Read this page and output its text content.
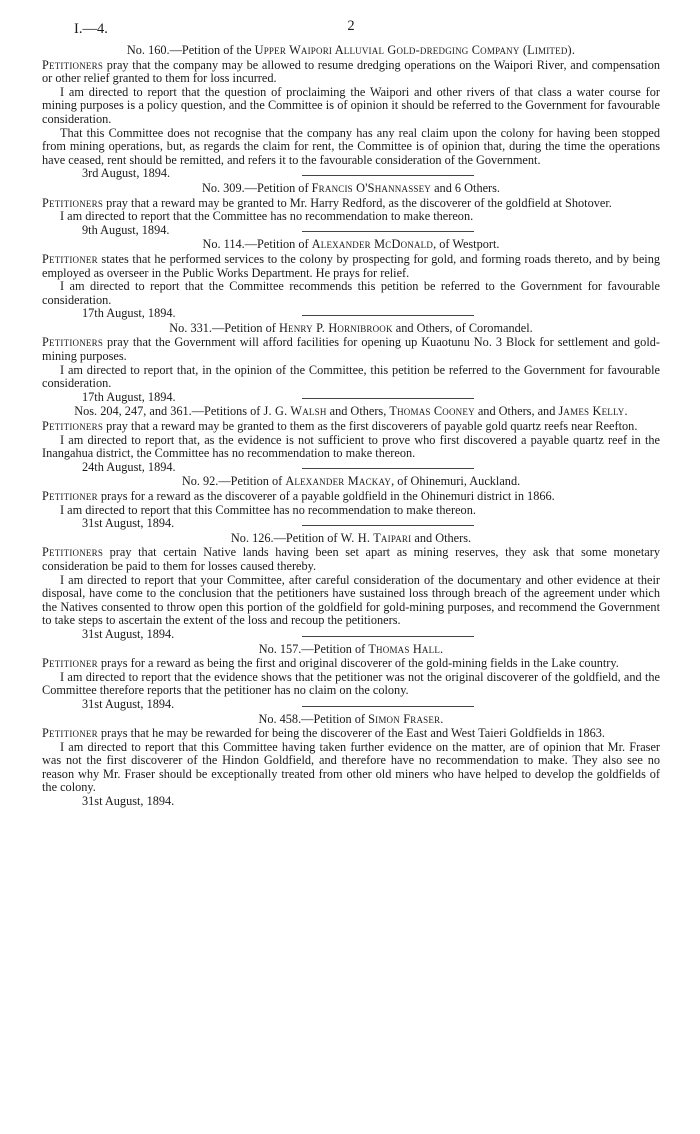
I.—4.	2

No. 160.—Petition of the Upper Waipori Alluvial Gold-dredging Company (Limited).

Petitioners pray that the company may be allowed to resume dredging operations on the Waipori River, and compensation or other relief granted to them for loss incurred.

I am directed to report that the question of proclaiming the Waipori and other rivers of that class a water course for mining purposes is a policy question, and the Committee is of opinion it should be referred to the Government for favourable consideration.

That this Committee does not recognise that the company has any real claim upon the colony for having been stopped from mining operations, but, as regards the claim for rent, the Committee is of opinion that, during the time the operations have ceased, rent should be remitted, and refers it to the favourable consideration of the Government.

3rd August, 1894.

No. 309.—Petition of Francis O'Shannassey and 6 Others.

Petitioners pray that a reward may be granted to Mr. Harry Redford, as the discoverer of the goldfield at Shotover.

I am directed to report that the Committee has no recommendation to make thereon.

9th August, 1894.

No. 114.—Petition of Alexander McDonald, of Westport.

Petitioner states that he performed services to the colony by prospecting for gold, and forming roads thereto, and by being employed as overseer in the Public Works Department. He prays for relief.

I am directed to report that the Committee recommends this petition be referred to the Government for favourable consideration.

17th August, 1894.

No. 331.—Petition of Henry P. Hornibrook and Others, of Coromandel.

Petitioners pray that the Government will afford facilities for opening up Kuaotunu No. 3 Block for settlement and gold-mining purposes.

I am directed to report that, in the opinion of the Committee, this petition be referred to the Government for favourable consideration.

17th August, 1894.

Nos. 204, 247, and 361.—Petitions of J. G. Walsh and Others, Thomas Cooney and Others, and James Kelly.

Petitioners pray that a reward may be granted to them as the first discoverers of payable gold quartz reefs near Reefton.

I am directed to report that, as the evidence is not sufficient to prove who first discovered a payable quartz reef in the Inangahua district, the Committee has no recommendation to make thereon.

24th August, 1894.

No. 92.—Petition of Alexander Mackay, of Ohinemuri, Auckland.

Petitioner prays for a reward as the discoverer of a payable goldfield in the Ohinemuri district in 1866.

I am directed to report that this Committee has no recommendation to make thereon.

31st August, 1894.

No. 126.—Petition of W. H. Taipari and Others.

Petitioners pray that certain Native lands having been set apart as mining reserves, they ask that some monetary consideration be paid to them for losses caused thereby.

I am directed to report that your Committee, after careful consideration of the documentary and other evidence at their disposal, have come to the conclusion that the petitioners have sustained loss through breach of the agreement under which the Natives consented to throw open this portion of the goldfield for gold-mining purposes, and recommend the Government to take steps to ascertain the extent of the loss and recoup the petitioners.

31st August, 1894.

No. 157.—Petition of Thomas Hall.

Petitioner prays for a reward as being the first and original discoverer of the gold-mining fields in the Lake country.

I am directed to report that the evidence shows that the petitioner was not the original discoverer of the goldfield, and the Committee therefore reports that the petitioner has no claim on the colony.

31st August, 1894.

No. 458.—Petition of Simon Fraser.

Petitioner prays that he may be rewarded for being the discoverer of the East and West Taieri Goldfields in 1863.

I am directed to report that this Committee having taken further evidence on the matter, are of opinion that Mr. Fraser was not the first discoverer of the Hindon Goldfield, and therefore have no recommendation to make. They also see no reason why Mr. Fraser should be exceptionally treated from other old miners who have helped to develop the goldfields of the colony.

31st August, 1894.
